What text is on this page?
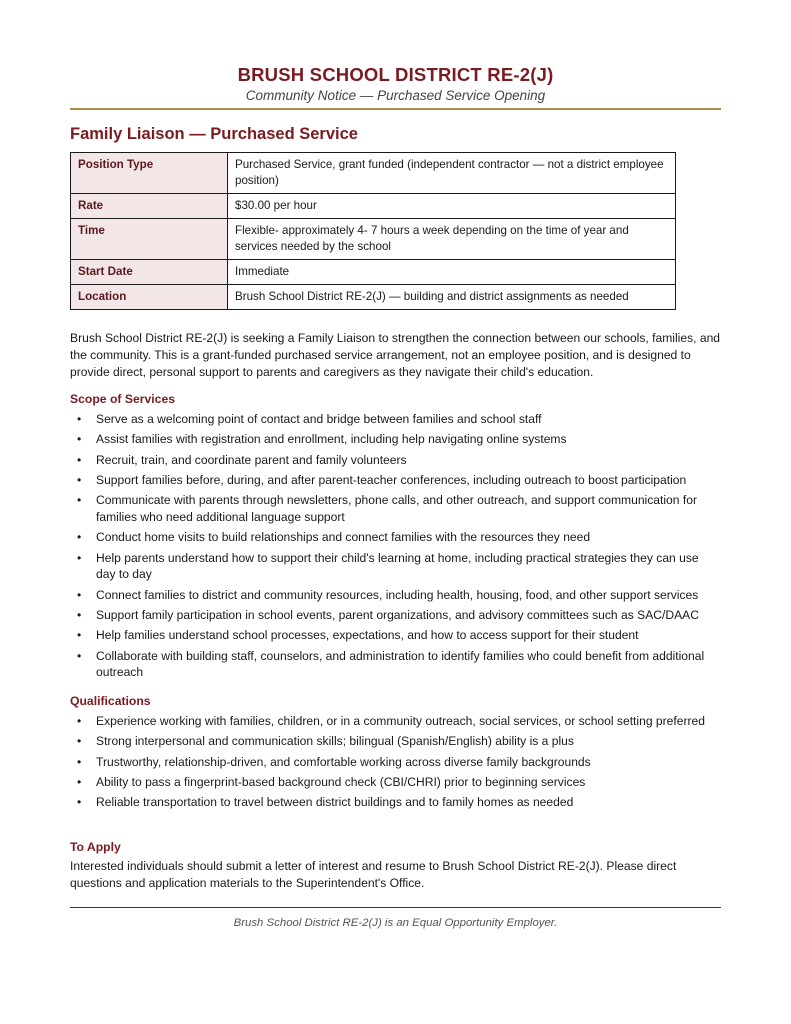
BRUSH SCHOOL DISTRICT RE-2(J)
Community Notice — Purchased Service Opening
Family Liaison — Purchased Service
Position Type	Purchased Service, grant funded (independent contractor — not a district employee position)
Rate	$30.00 per hour
Time	Flexible- approximately 4- 7 hours a week depending on the time of year and services needed by the school
Start Date	Immediate
Location	Brush School District RE-2(J) — building and district assignments as needed
Brush School District RE-2(J) is seeking a Family Liaison to strengthen the connection between our schools, families, and the community. This is a grant-funded purchased service arrangement, not an employee position, and is designed to provide direct, personal support to parents and caregivers as they navigate their child's education.
Scope of Services
• Serve as a welcoming point of contact and bridge between families and school staff
• Assist families with registration and enrollment, including help navigating online systems
• Recruit, train, and coordinate parent and family volunteers
• Support families before, during, and after parent-teacher conferences, including outreach to boost participation
• Communicate with parents through newsletters, phone calls, and other outreach, and support communication for families who need additional language support
• Conduct home visits to build relationships and connect families with the resources they need
• Help parents understand how to support their child's learning at home, including practical strategies they can use day to day
• Connect families to district and community resources, including health, housing, food, and other support services
• Support family participation in school events, parent organizations, and advisory committees such as SAC/DAAC
• Help families understand school processes, expectations, and how to access support for their student
• Collaborate with building staff, counselors, and administration to identify families who could benefit from additional outreach
Qualifications
• Experience working with families, children, or in a community outreach, social services, or school setting preferred
• Strong interpersonal and communication skills; bilingual (Spanish/English) ability is a plus
• Trustworthy, relationship-driven, and comfortable working across diverse family backgrounds
• Ability to pass a fingerprint-based background check (CBI/CHRI) prior to beginning services
• Reliable transportation to travel between district buildings and to family homes as needed
To Apply
Interested individuals should submit a letter of interest and resume to Brush School District RE-2(J). Please direct questions and application materials to the Superintendent's Office.
Brush School District RE-2(J) is an Equal Opportunity Employer.
